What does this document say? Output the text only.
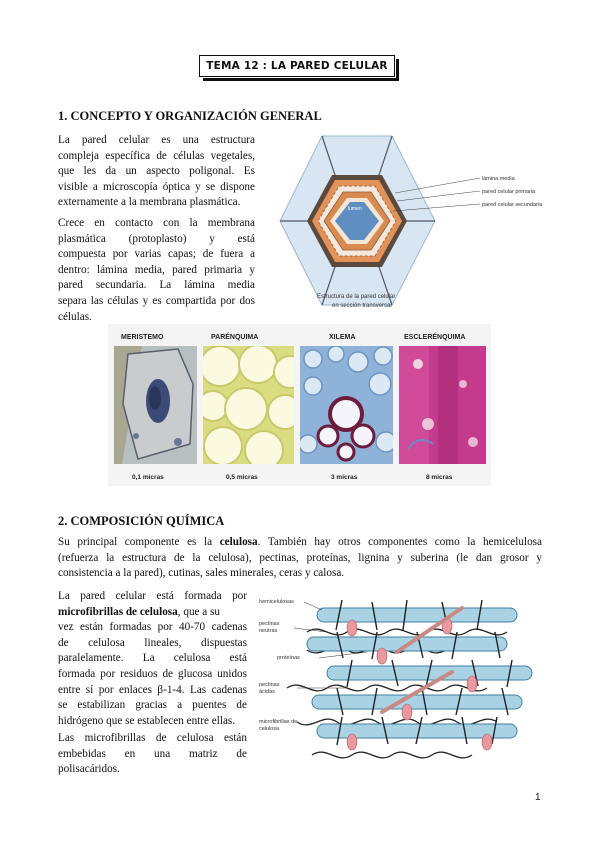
TEMA 12 : LA PARED CELULAR
1. CONCEPTO Y ORGANIZACIÓN GENERAL

La pared celular es una estructura

compleja específica de células vegetales,

que les da un aspecto poligonal. Es

visible a microscopía óptica y se dispone

externamente a la membrana plasmática.

Crece en contacto con la membrana

plasmática (protoplasto) y está

compuesta por varias capas; de fuera a

dentro: lámina media, pared primaria y

pared secundaria. La lámina media

separa las células y es compartida por dos

células.

lumen
lámina media
pared celular primaria
pared celular secundaria
Estructura de la pared celular
en sección transversal
MERISTEMO	PARÉNQUIMA	XILEMA	ESCLERÉNQUIMA
0,1 micras	0,5 micras	3 micras	8 micras
2. COMPOSICIÓN QUÍMICA

Su principal componente es la celulosa. También hay otros componentes como la hemicelulosa

(refuerza la estructura de la celulosa), pectinas, proteínas, lignina y suberina (le dan grosor y

consistencia a la pared), cutinas, sales minerales, ceras y calosa.

La pared celular está formada por

microfibrillas de celulosa, que a su

vez están formadas por 40-70 cadenas

de celulosa lineales, dispuestas

paralelamente. La celulosa está

formada por residuos de glucosa unidos

entre sí por enlaces β-1-4. Las cadenas

se estabilizan gracias a puentes de

hidrógeno que se establecen entre ellas.

Las microfibrillas de celulosa están

embebidas en una matriz de

polisacáridos.

hemicelulosas
pectinas
neutras
proteínas
pectinas
ácidas
microfibrillas de
celulosa
1
